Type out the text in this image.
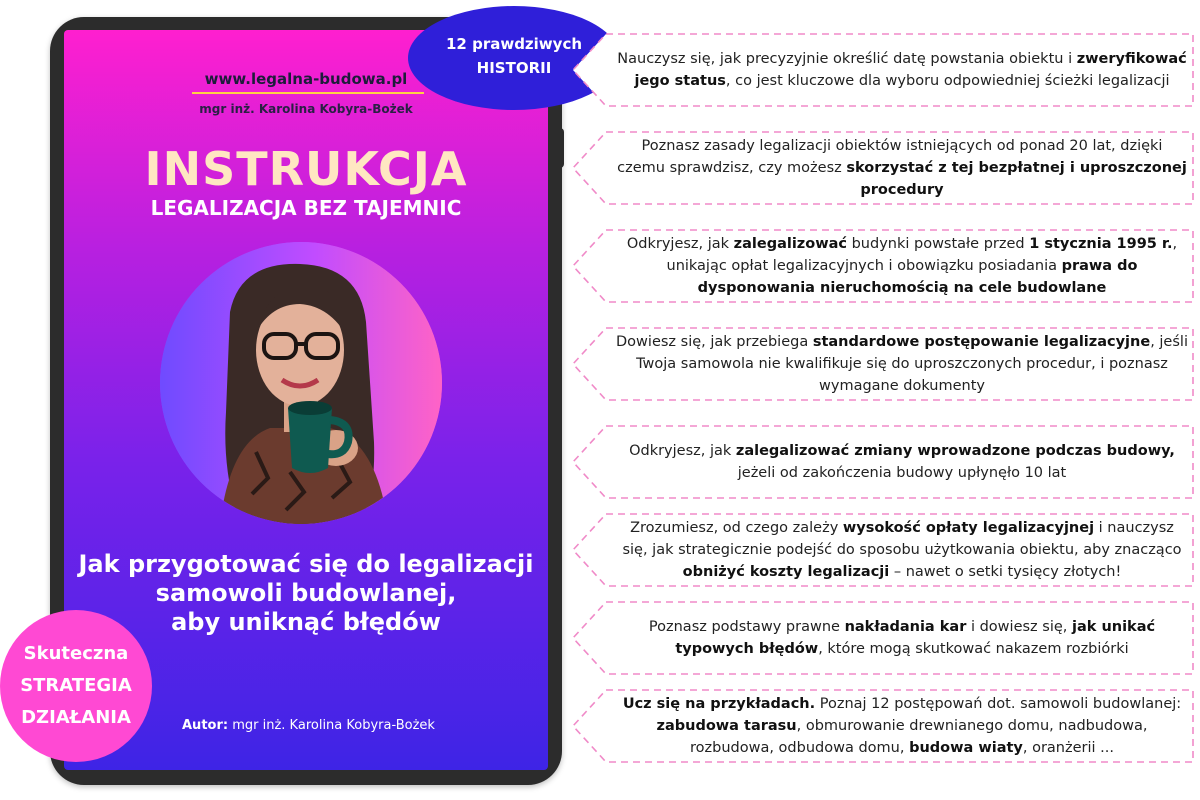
www.legalna-budowa.pl
mgr inż. Karolina Kobyra-Bożek
INSTRUKCJA
LEGALIZACJA BEZ TAJEMNIC
Jak przygotować się do legalizacji
samowoli budowlanej,
aby uniknąć błędów
Autor: mgr inż. Karolina Kobyra-Bożek
12 prawdziwych
HISTORII
Skuteczna
STRATEGIA
DZIAŁANIA

Nauczysz się, jak precyzyjnie określić datę powstania obiektu i zweryfikować jego status, co jest kluczowe dla wyboru odpowiedniej ścieżki legalizacji

Poznasz zasady legalizacji obiektów istniejących od ponad 20 lat, dzięki czemu sprawdzisz, czy możesz skorzystać z tej bezpłatnej i uproszczonej procedury

Odkryjesz, jak zalegalizować budynki powstałe przed 1 stycznia 1995 r., unikając opłat legalizacyjnych i obowiązku posiadania prawa do dysponowania nieruchomością na cele budowlane

Dowiesz się, jak przebiega standardowe postępowanie legalizacyjne, jeśli Twoja samowola nie kwalifikuje się do uproszczonych procedur, i poznasz wymagane dokumenty

Odkryjesz, jak zalegalizować zmiany wprowadzone podczas budowy, jeżeli od zakończenia budowy upłynęło 10 lat

Zrozumiesz, od czego zależy wysokość opłaty legalizacyjnej i nauczysz się, jak strategicznie podejść do sposobu użytkowania obiektu, aby znacząco obniżyć koszty legalizacji – nawet o setki tysięcy złotych!

Poznasz podstawy prawne nakładania kar i dowiesz się, jak unikać typowych błędów, które mogą skutkować nakazem rozbiórki

Ucz się na przykładach. Poznaj 12 postępowań dot. samowoli budowlanej: zabudowa tarasu, obmurowanie drewnianego domu, nadbudowa, rozbudowa, odbudowa domu, budowa wiaty, oranżerii ...
